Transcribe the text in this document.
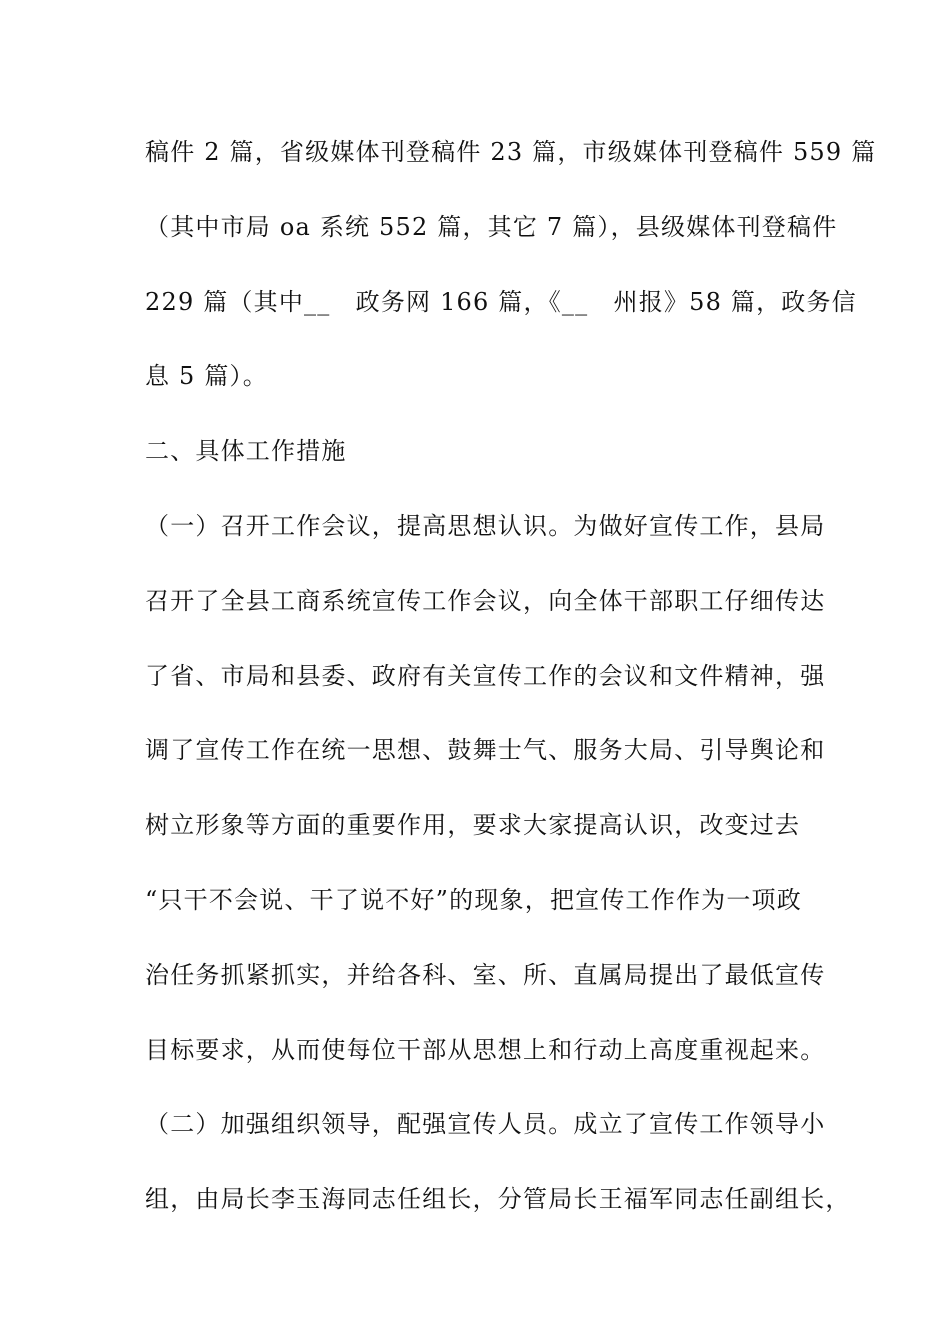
稿件 2 篇，省级媒体刊登稿件 23 篇，市级媒体刊登稿件 559 篇
（其中市局 oa 系统 552 篇，其它 7 篇），县级媒体刊登稿件
229 篇（其中__　政务网 166 篇，《__　州报》58 篇，政务信
息 5 篇）。
二、具体工作措施
（一）召开工作会议，提高思想认识。为做好宣传工作，县局
召开了全县工商系统宣传工作会议，向全体干部职工仔细传达
了省、市局和县委、政府有关宣传工作的会议和文件精神，强
调了宣传工作在统一思想、鼓舞士气、服务大局、引导舆论和
树立形象等方面的重要作用，要求大家提高认识，改变过去
“只干不会说、干了说不好”的现象，把宣传工作作为一项政
治任务抓紧抓实，并给各科、室、所、直属局提出了最低宣传
目标要求，从而使每位干部从思想上和行动上高度重视起来。
（二）加强组织领导，配强宣传人员。成立了宣传工作领导小
组，由局长李玉海同志任组长，分管局长王福军同志任副组长，
